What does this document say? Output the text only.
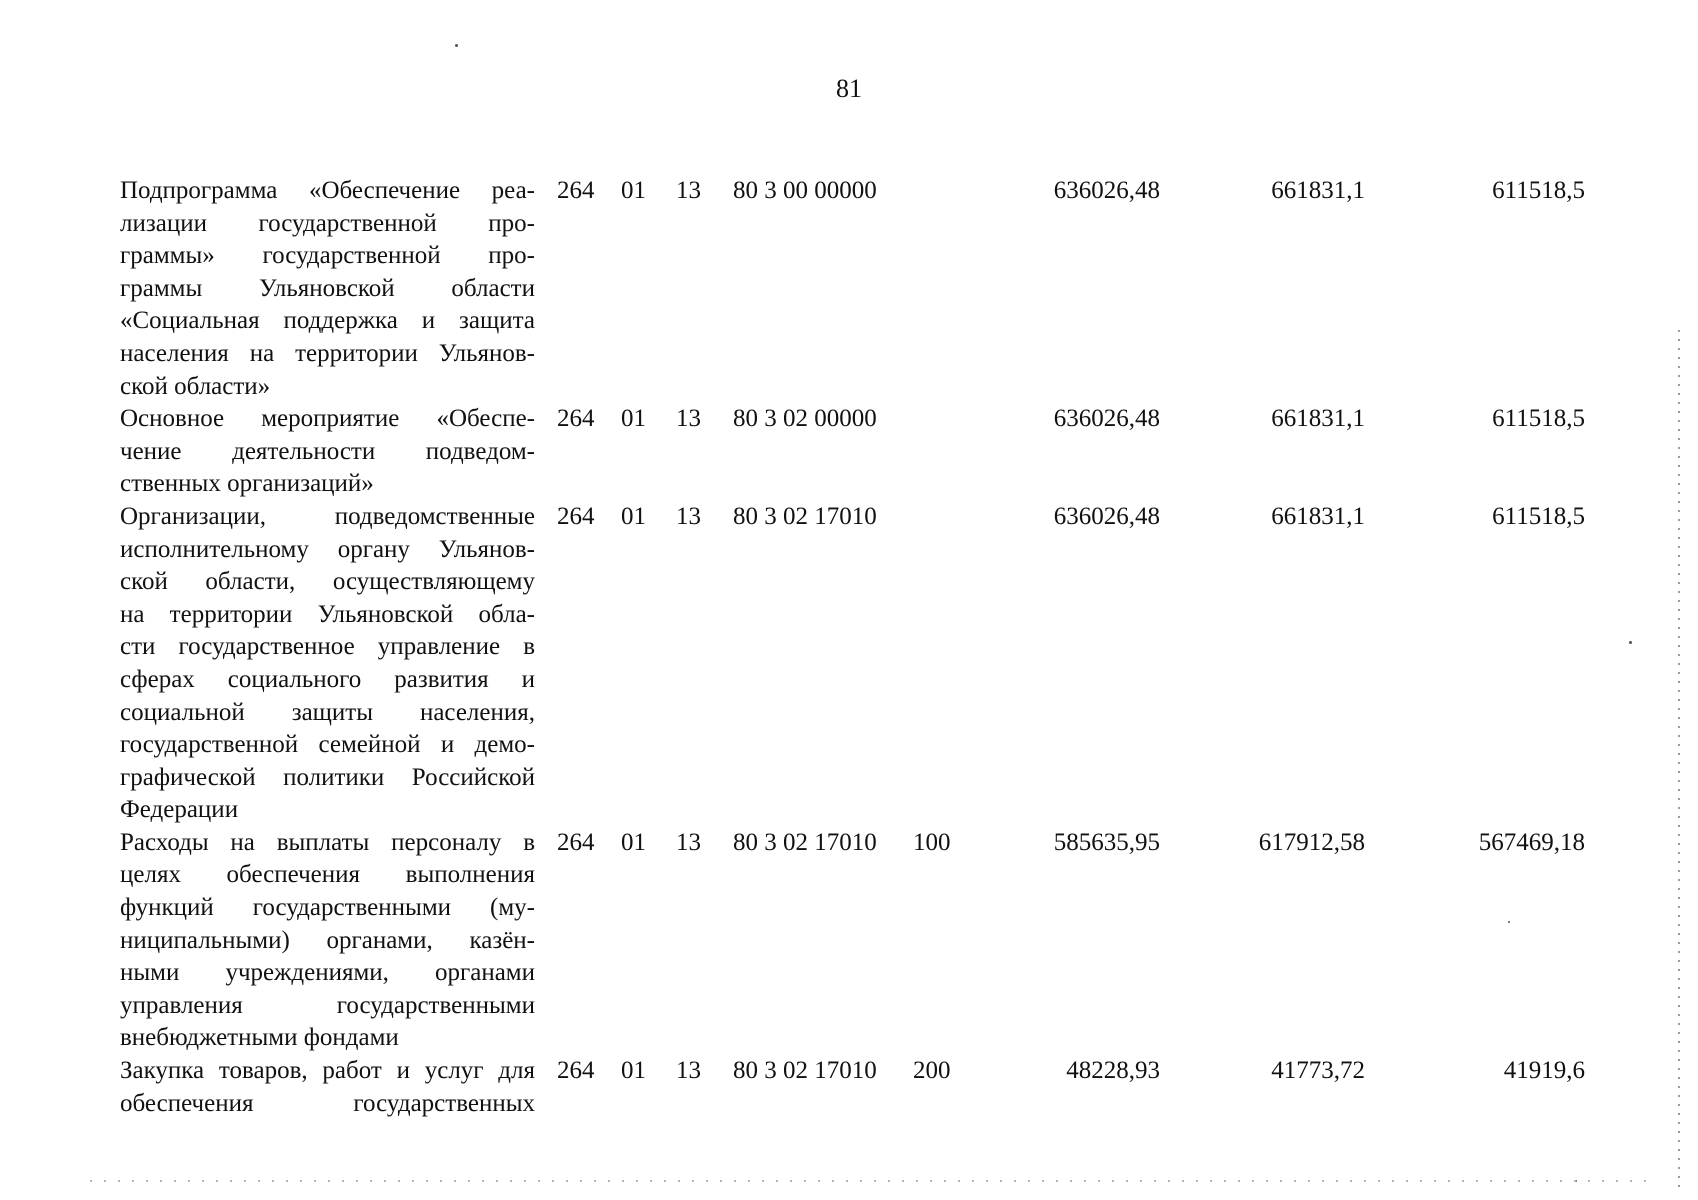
81
Подпрограмма «Обеспечение реа-
лизации государственной про-
граммы» государственной про-
граммы Ульяновской области
«Социальная поддержка и защита
населения на территории Ульянов-
ской области»
264 01 13 80 3 00 00000	636026,48	661831,1	611518,5
Основное мероприятие «Обеспе-
чение деятельности подведом-
ственных организаций»
264 01 13 80 3 02 00000	636026,48	661831,1	611518,5
Организации, подведомственные
исполнительному органу Ульянов-
ской области, осуществляющему
на территории Ульяновской обла-
сти государственное управление в
сферах социального развития и
социальной защиты населения,
государственной семейной и демо-
графической политики Российской
Федерации
264 01 13 80 3 02 17010	636026,48	661831,1	611518,5
Расходы на выплаты персоналу в
целях обеспечения выполнения
функций государственными (му-
ниципальными) органами, казён-
ными учреждениями, органами
управления государственными
внебюджетными фондами
264 01 13 80 3 02 17010 100	585635,95	617912,58	567469,18
Закупка товаров, работ и услуг для
обеспечения государственных
264 01 13 80 3 02 17010 200	48228,93	41773,72	41919,6
